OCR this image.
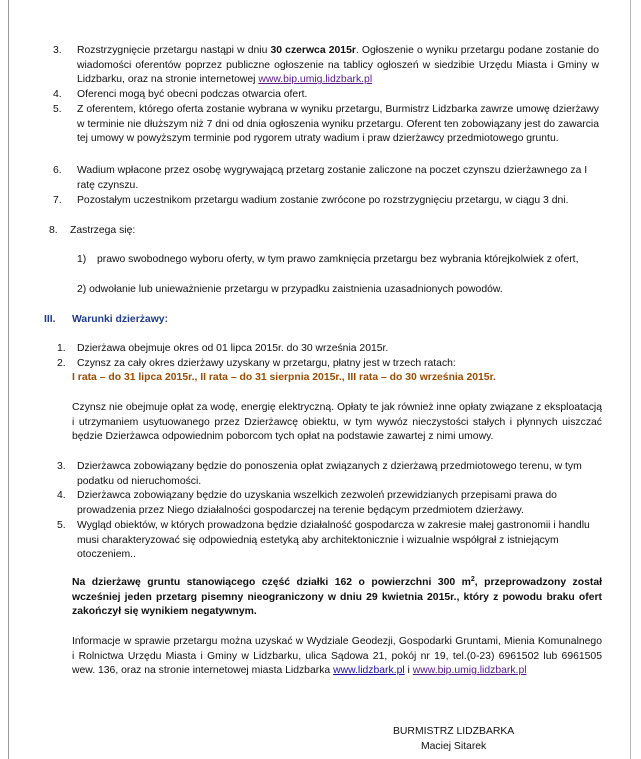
3. Rozstrzygnięcie przetargu nastąpi w dniu 30 czerwca 2015r. Ogłoszenie o wyniku przetargu podane zostanie do wiadomości oferentów poprzez publiczne ogłoszenie na tablicy ogłoszeń w siedzibie Urzędu Miasta i Gminy w Lidzbarku, oraz na stronie internetowej www.bip.umig.lidzbark.pl
4. Oferenci mogą być obecni podczas otwarcia ofert.
5. Z oferentem, którego oferta zostanie wybrana w wyniku przetargu, Burmistrz Lidzbarka zawrze umowę dzierżawy w terminie nie dłuższym niż 7 dni od dnia ogłoszenia wyniku przetargu. Oferent ten zobowiązany jest do zawarcia tej umowy w powyższym terminie pod rygorem utraty wadium i praw dzierżawcy przedmiotowego gruntu.
6. Wadium wpłacone przez osobę wygrywającą przetarg zostanie zaliczone na poczet czynszu dzierżawnego za I ratę czynszu.
7. Pozostałym uczestnikom przetargu wadium zostanie zwrócone po rozstrzygnięciu przetargu, w ciągu 3 dni.
8. Zastrzega się:
1) prawo swobodnego wyboru oferty, w tym prawo zamknięcia przetargu bez wybrania którejkolwiek z ofert,
2) odwołanie lub unieważnienie przetargu w przypadku zaistnienia uzasadnionych powodów.
III. Warunki dzierżawy:
1. Dzierżawa obejmuje okres od 01 lipca 2015r. do 30 września 2015r.
2. Czynsz za cały okres dzierżawy uzyskany w przetargu, płatny jest w trzech ratach:
I rata – do 31 lipca 2015r., II rata – do 31 sierpnia 2015r., III rata – do 30 września 2015r.
Czynsz nie obejmuje opłat za wodę, energię elektryczną. Opłaty te jak również inne opłaty związane z eksploatacją i utrzymaniem usytuowanego przez Dzierżawcę obiektu, w tym wywóz nieczystości stałych i płynnych uiszczać będzie Dzierżawca odpowiednim poborcom tych opłat na podstawie zawartej z nimi umowy.
3. Dzierżawca zobowiązany będzie do ponoszenia opłat związanych z dzierżawą przedmiotowego terenu, w tym podatku od nieruchomości.
4. Dzierżawca zobowiązany będzie do uzyskania wszelkich zezwoleń przewidzianych przepisami prawa do prowadzenia przez Niego działalności gospodarczej na terenie będącym przedmiotem dzierżawy.
5. Wygląd obiektów, w których prowadzona będzie działalność gospodarcza w zakresie małej gastronomii i handlu musi charakteryzować się odpowiednią estetyką aby architektonicznie i wizualnie współgrał z istniejącym otoczeniem..
Na dzierżawę gruntu stanowiącego część działki 162 o powierzchni 300 $m^2$, przeprowadzony został wcześniej jeden przetarg pisemny nieograniczony w dniu 29 kwietnia 2015r., który z powodu braku ofert zakończył się wynikiem negatywnym.
Informacje w sprawie przetargu można uzyskać w Wydziale Geodezji, Gospodarki Gruntami, Mienia Komunalnego i Rolnictwa Urzędu Miasta i Gminy w Lidzbarku, ulica Sądowa 21, pokój nr 19, tel.(0-23) 6961502 lub 6961505 wew. 136, oraz na stronie internetowej miasta Lidzbarka www.lidzbark.pl i www.bip.umig.lidzbark.pl
BURMISTRZ LIDZBARKA
Maciej Sitarek
